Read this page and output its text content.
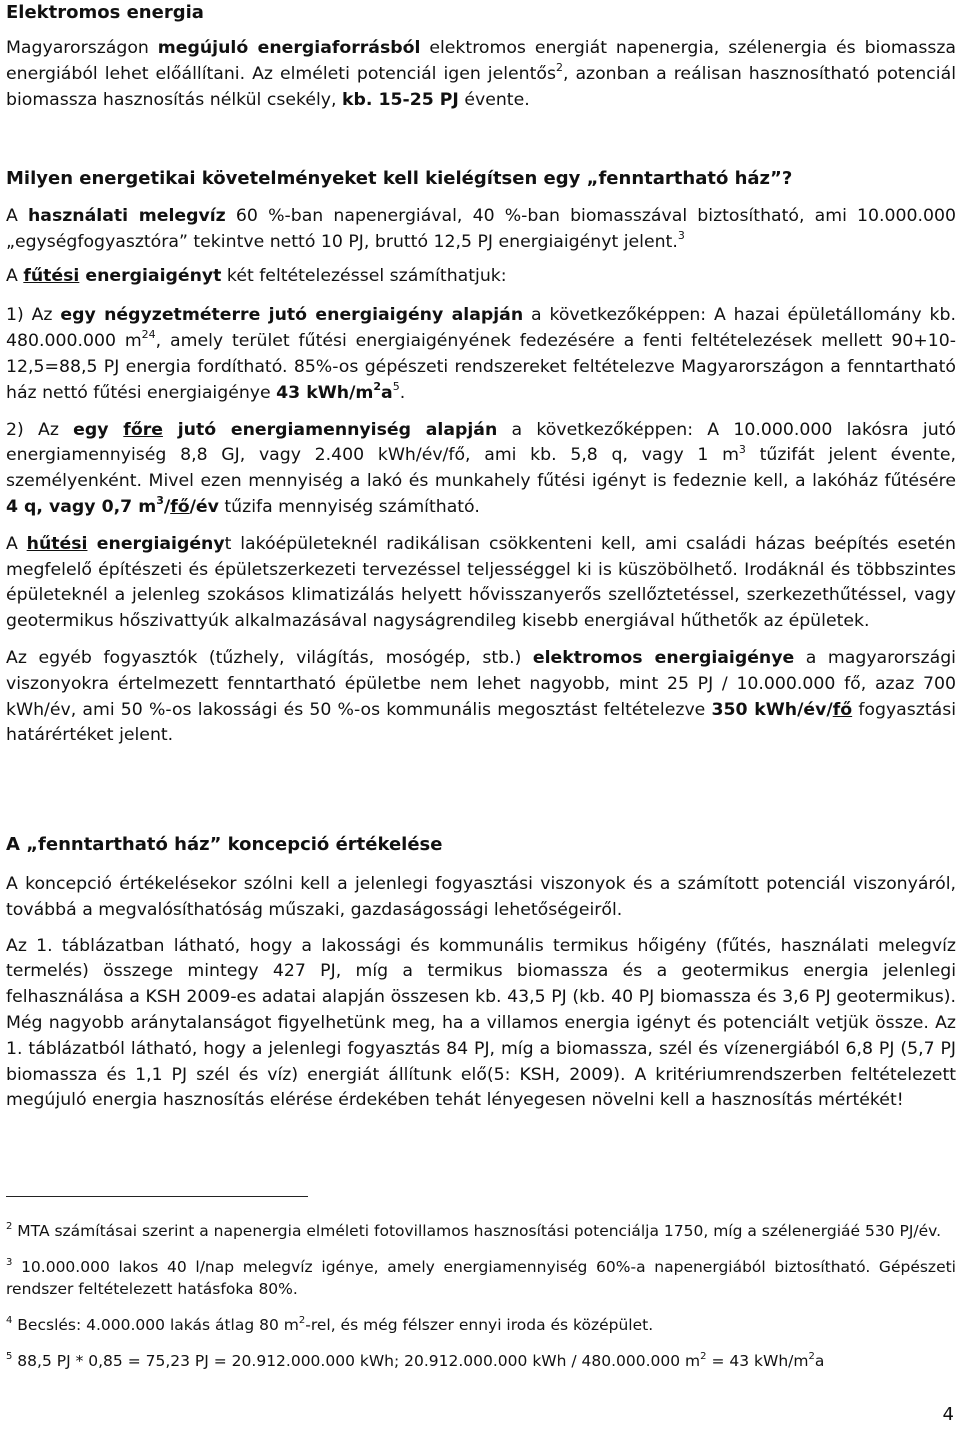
Elektromos energia

Magyarországon megújuló energiaforrásból elektromos energiát napenergia, szélenergia és biomassza energiából lehet előállítani. Az elméleti potenciál igen jelentős$^2$, azonban a reálisan hasznosítható potenciál biomassza hasznosítás nélkül csekély, kb. 15-25 PJ évente.

Milyen energetikai követelményeket kell kielégítsen egy „fenntartható ház”?

A használati melegvíz 60 %-ban napenergiával, 40 %-ban biomasszával biztosítható, ami 10.000.000 „egységfogyasztóra” tekintve nettó 10 PJ, bruttó 12,5 PJ energiaigényt jelent.$^3$

A fűtési energiaigényt két feltételezéssel számíthatjuk:

1) Az egy négyzetméterre jutó energiaigény alapján a következőképpen: A hazai épületállomány kb. 480.000.000 $m^{24}$, amely terület fűtési energiaigényének fedezésére a fenti feltételezések mellett 90+10-12,5=88,5 PJ energia fordítható. 85%-os gépészeti rendszereket feltételezve Magyarországon a fenntartható ház nettó fűtési energiaigénye 43 kWh/$m^2a^5$.

2) Az egy főre jutó energiamennyiség alapján a következőképpen: A 10.000.000 lakósra jutó energiamennyiség 8,8 GJ, vagy 2.400 kWh/év/fő, ami kb. 5,8 q, vagy 1 $m^3$ tűzifát jelent évente, személyenként. Mivel ezen mennyiség a lakó és munkahely fűtési igényt is fedeznie kell, a lakóház fűtésére 4 q, vagy 0,7 $m^3/fő/év$ tűzifa mennyiség számítható.

A hűtési energiaigényt lakóépületeknél radikálisan csökkenteni kell, ami családi házas beépítés esetén megfelelő építészeti és épületszerkezeti tervezéssel teljességgel ki is küszöbölhető. Irodáknál és többszintes épületeknél a jelenleg szokásos klimatizálás helyett hővisszanyerős szellőztetéssel, szerkezethűtéssel, vagy geotermikus hőszivattyúk alkalmazásával nagyságrendileg kisebb energiával hűthetők az épületek.

Az egyéb fogyasztók (tűzhely, világítás, mosógép, stb.) elektromos energiaigénye a magyarországi viszonyokra értelmezett fenntartható épületbe nem lehet nagyobb, mint 25 PJ / 10.000.000 fő, azaz 700 kWh/év, ami 50 %-os lakossági és 50 %-os kommunális megosztást feltételezve 350 kWh/év/fő fogyasztási határértéket jelent.

A „fenntartható ház” koncepció értékelése

A koncepció értékelésekor szólni kell a jelenlegi fogyasztási viszonyok és a számított potenciál viszonyáról, továbbá a megvalósíthatóság műszaki, gazdaságossági lehetőségeiről.

Az 1. táblázatban látható, hogy a lakossági és kommunális termikus hőigény (fűtés, használati melegvíz termelés) összege mintegy 427 PJ, míg a termikus biomassza és a geotermikus energia jelenlegi felhasználása a KSH 2009-es adatai alapján összesen kb. 43,5 PJ (kb. 40 PJ biomassza és 3,6 PJ geotermikus). Még nagyobb aránytalanságot figyelhetünk meg, ha a villamos energia igényt és potenciált vetjük össze. Az 1. táblázatból látható, hogy a jelenlegi fogyasztás 84 PJ, míg a biomassza, szél és vízenergiából 6,8 PJ (5,7 PJ biomassza és 1,1 PJ szél és víz) energiát állítunk elő(5: KSH, 2009). A kritériumrendszerben feltételezett megújuló energia hasznosítás elérése érdekében tehát lényegesen növelni kell a hasznosítás mértékét!

$^2$ MTA számításai szerint a napenergia elméleti fotovillamos hasznosítási potenciálja 1750, míg a szélenergiáé 530 PJ/év.

$^3$ 10.000.000 lakos 40 l/nap melegvíz igénye, amely energiamennyiség 60%-a napenergiából biztosítható. Gépészeti rendszer feltételezett hatásfoka 80%.

$^4$ Becslés: 4.000.000 lakás átlag 80 $m^2$-rel, és még félszer ennyi iroda és középület.

$^5$ 88,5 PJ * 0,85 = 75,23 PJ = 20.912.000.000 kWh; 20.912.000.000 kWh / 480.000.000 $m^2 = 43$ kWh/$m^2a$

4
